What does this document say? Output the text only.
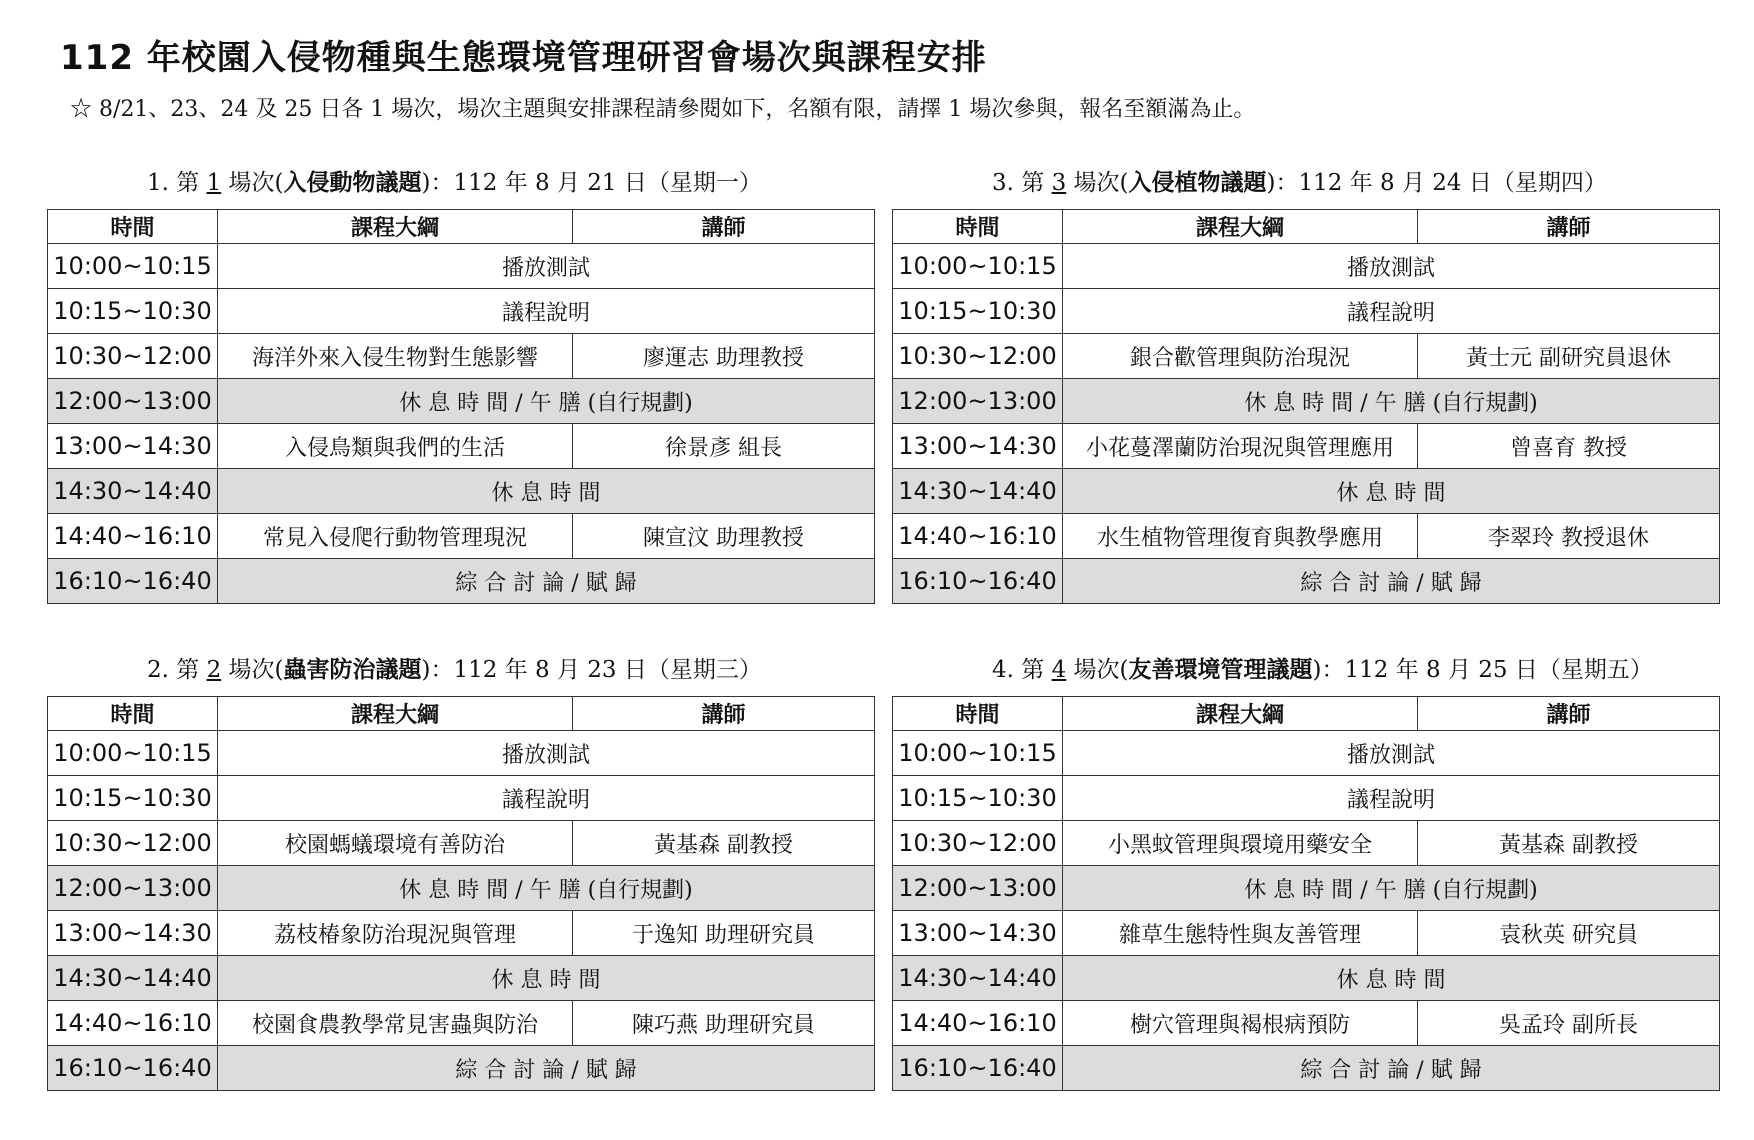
112 年校園入侵物種與生態環境管理研習會場次與課程安排
☆ 8/21、23、24 及 25 日各 1 場次，場次主題與安排課程請參閱如下，名額有限，請擇 1 場次參與，報名至額滿為止。
1. 第 1 場次(入侵動物議題)：112 年 8 月 21 日（星期一）
時間	課程大綱	講師
10:00~10:15	播放測試	
10:15~10:30	議程說明	
10:30~12:00	海洋外來入侵生物對生態影響	廖運志 助理教授
12:00~13:00	休 息 時 間 / 午 膳 (自行規劃)	
13:00~14:30	入侵鳥類與我們的生活	徐景彥 組長
14:30~14:40	休 息 時 間	
14:40~16:10	常見入侵爬行動物管理現況	陳宣汶 助理教授
16:10~16:40	綜 合 討 論 / 賦 歸	
3. 第 3 場次(入侵植物議題)：112 年 8 月 24 日（星期四）
時間	課程大綱	講師
10:00~10:15	播放測試	
10:15~10:30	議程說明	
10:30~12:00	銀合歡管理與防治現況	黃士元 副研究員退休
12:00~13:00	休 息 時 間 / 午 膳 (自行規劃)	
13:00~14:30	小花蔓澤蘭防治現況與管理應用	曾喜育 教授
14:30~14:40	休 息 時 間	
14:40~16:10	水生植物管理復育與教學應用	李翠玲 教授退休
16:10~16:40	綜 合 討 論 / 賦 歸	
2. 第 2 場次(蟲害防治議題)：112 年 8 月 23 日（星期三）
時間	課程大綱	講師
10:00~10:15	播放測試	
10:15~10:30	議程說明	
10:30~12:00	校園螞蟻環境有善防治	黃基森 副教授
12:00~13:00	休 息 時 間 / 午 膳 (自行規劃)	
13:00~14:30	荔枝椿象防治現況與管理	于逸知 助理研究員
14:30~14:40	休 息 時 間	
14:40~16:10	校園食農教學常見害蟲與防治	陳巧燕 助理研究員
16:10~16:40	綜 合 討 論 / 賦 歸	
4. 第 4 場次(友善環境管理議題)：112 年 8 月 25 日（星期五）
時間	課程大綱	講師
10:00~10:15	播放測試	
10:15~10:30	議程說明	
10:30~12:00	小黑蚊管理與環境用藥安全	黃基森 副教授
12:00~13:00	休 息 時 間 / 午 膳 (自行規劃)	
13:00~14:30	雜草生態特性與友善管理	袁秋英 研究員
14:30~14:40	休 息 時 間	
14:40~16:10	樹穴管理與褐根病預防	吳孟玲 副所長
16:10~16:40	綜 合 討 論 / 賦 歸	
